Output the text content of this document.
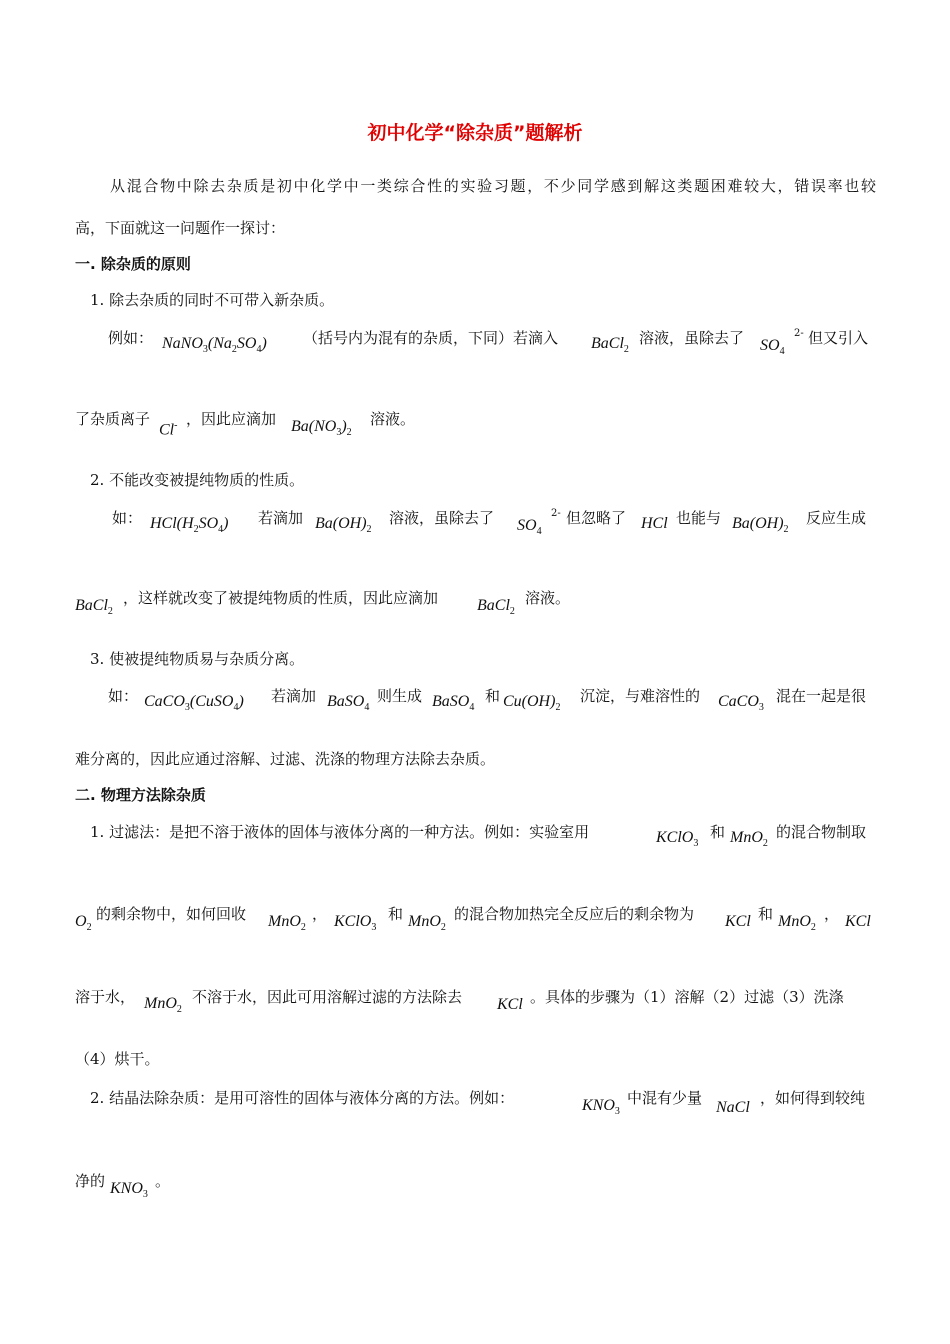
初中化学“除杂质”题解析
从混合物中除去杂质是初中化学中一类综合性的实验习题，不少同学感到解这类题困难较大，错误率也较
高，下面就这一问题作一探讨：
一. 除杂质的原则
1. 除去杂质的同时不可带入新杂质。
例如： $NaNO_3(Na_2SO_4)$ （括号内为混有的杂质，下同）若滴入 BaCl$_2$
溶液，虽除去了 $SO_4$
2- 但又引入
了杂质离子
Cl- ，因此应滴加 $Ba(NO_3)_2$
溶液。
2. 不能改变被提纯物质的性质。
如： $HCl(H_2SO_4)$ 若滴加 $Ba(OH)_2$
溶液，虽除去了 $SO_4$
2- 但忽略了 HCl 也能与 $Ba(OH)_2$
反应生成
BaCl$_2$
，这样就改变了被提纯物质的性质，因此应滴加 BaCl$_2$
溶液。
3. 使被提纯物质易与杂质分离。
如： CaCO$_3$(CuSO$_4$) 若滴加 BaSO$_4$
则生成 BaSO$_4$
和 $Cu(OH)_2$
沉淀，与难溶性的 CaCO$_3$
混在一起是很
难分离的，因此应通过溶解、过滤、洗涤的物理方法除去杂质。
二. 物理方法除杂质
1. 过滤法：是把不溶于液体的固体与液体分离的一种方法。例如：实验室用	KClO$_3$
和 MnO$_2$
的混合物制取
$O_2$
的剩余物中，如何回收 MnO$_2$
， KClO$_3$
和 MnO$_2$
的混合物加热完全反应后的剩余物为 KCl 和 MnO$_2$
， KCl
溶于水， MnO$_2$
不溶于水，因此可用溶解过滤的方法除去 KCl 。具体的步骤为（1）溶解（2）过滤（3）洗涤
（4）烘干。
2. 结晶法除杂质：是用可溶性的固体与液体分离的方法。例如：	$KNO_3$
中混有少量
NaCl
，如何得到较纯
净的 $KNO_3$
。
